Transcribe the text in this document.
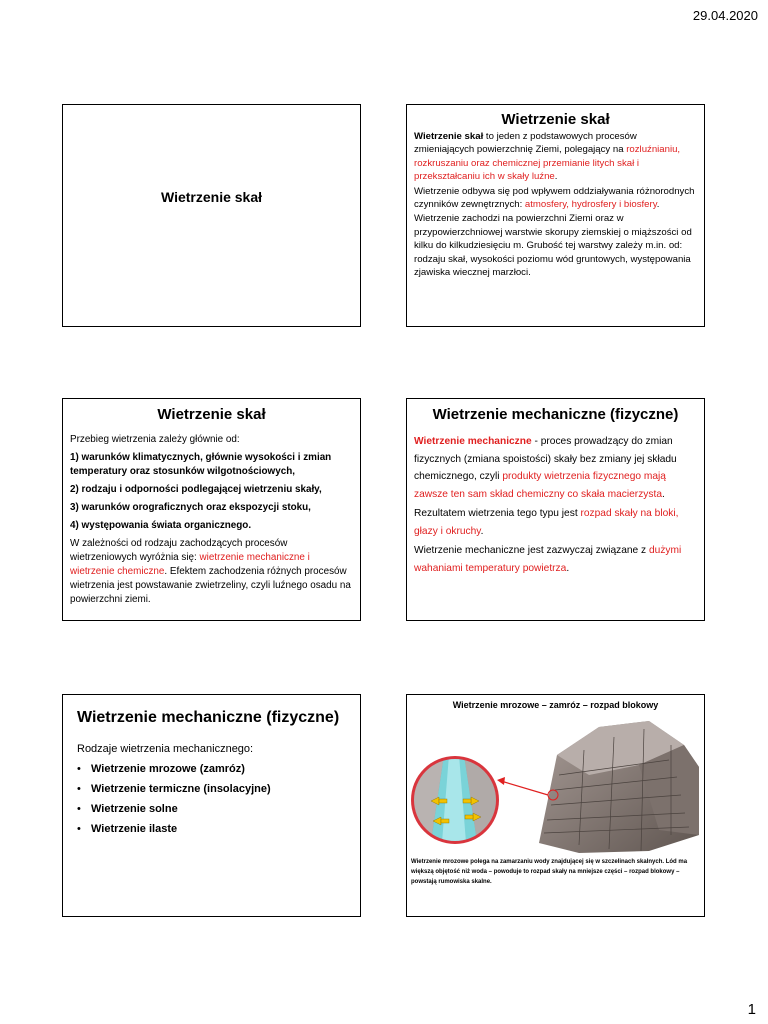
29.04.2020
Wietrzenie skał
Wietrzenie skał

Wietrzenie skał to jeden z podstawowych procesów zmieniających powierzchnię Ziemi, polegający na rozluźnianiu, rozkruszaniu oraz chemicznej przemianie litych skał i przekształcaniu ich w skały luźne.

Wietrzenie odbywa się pod wpływem oddziaływania różnorodnych czynników zewnętrznych: atmosfery, hydrosfery i biosfery.

Wietrzenie zachodzi na powierzchni Ziemi oraz w przypowierzchniowej warstwie skorupy ziemskiej o miąższości od kilku do kilkudziesięciu m. Grubość tej warstwy zależy m.in. od: rodzaju skał, wysokości poziomu wód gruntowych, występowania zjawiska wiecznej marzłoci.

Wietrzenie skał

Przebieg wietrzenia zależy głównie od:

1) warunków klimatycznych, głównie wysokości i zmian temperatury oraz stosunków wilgotnościowych,

2) rodzaju i odporności podlegającej wietrzeniu skały,

3) warunków orograficznych oraz ekspozycji stoku,

4) występowania świata organicznego.

W zależności od rodzaju zachodzących procesów wietrzeniowych wyróżnia się: wietrzenie mechaniczne i wietrzenie chemiczne. Efektem zachodzenia różnych procesów wietrzenia jest powstawanie zwietrzeliny, czyli luźnego osadu na powierzchni ziemi.

Wietrzenie mechaniczne (fizyczne)

Wietrzenie mechaniczne - proces prowadzący do zmian fizycznych (zmiana spoistości) skały bez zmiany jej składu chemicznego, czyli produkty wietrzenia fizycznego mają zawsze ten sam skład chemiczny co skała macierzysta.

Rezultatem wietrzenia tego typu jest rozpad skały na bloki, głazy i okruchy.

Wietrzenie mechaniczne jest zazwyczaj związane z dużymi wahaniami temperatury powietrza.

Wietrzenie mechaniczne (fizyczne)
Rodzaje wietrzenia mechanicznego:
• Wietrzenie mrozowe (zamróz)
• Wietrzenie termiczne (insolacyjne)
• Wietrzenie solne
• Wietrzenie ilaste
Wietrzenie mrozowe – zamróz – rozpad blokowy
Wietrzenie mrozowe polega na zamarzaniu wody znajdującej się w szczelinach skalnych. Lód ma większą objętość niż woda – powoduje to rozpad skały na mniejsze części – rozpad blokowy – powstają rumowiska skalne.
1
